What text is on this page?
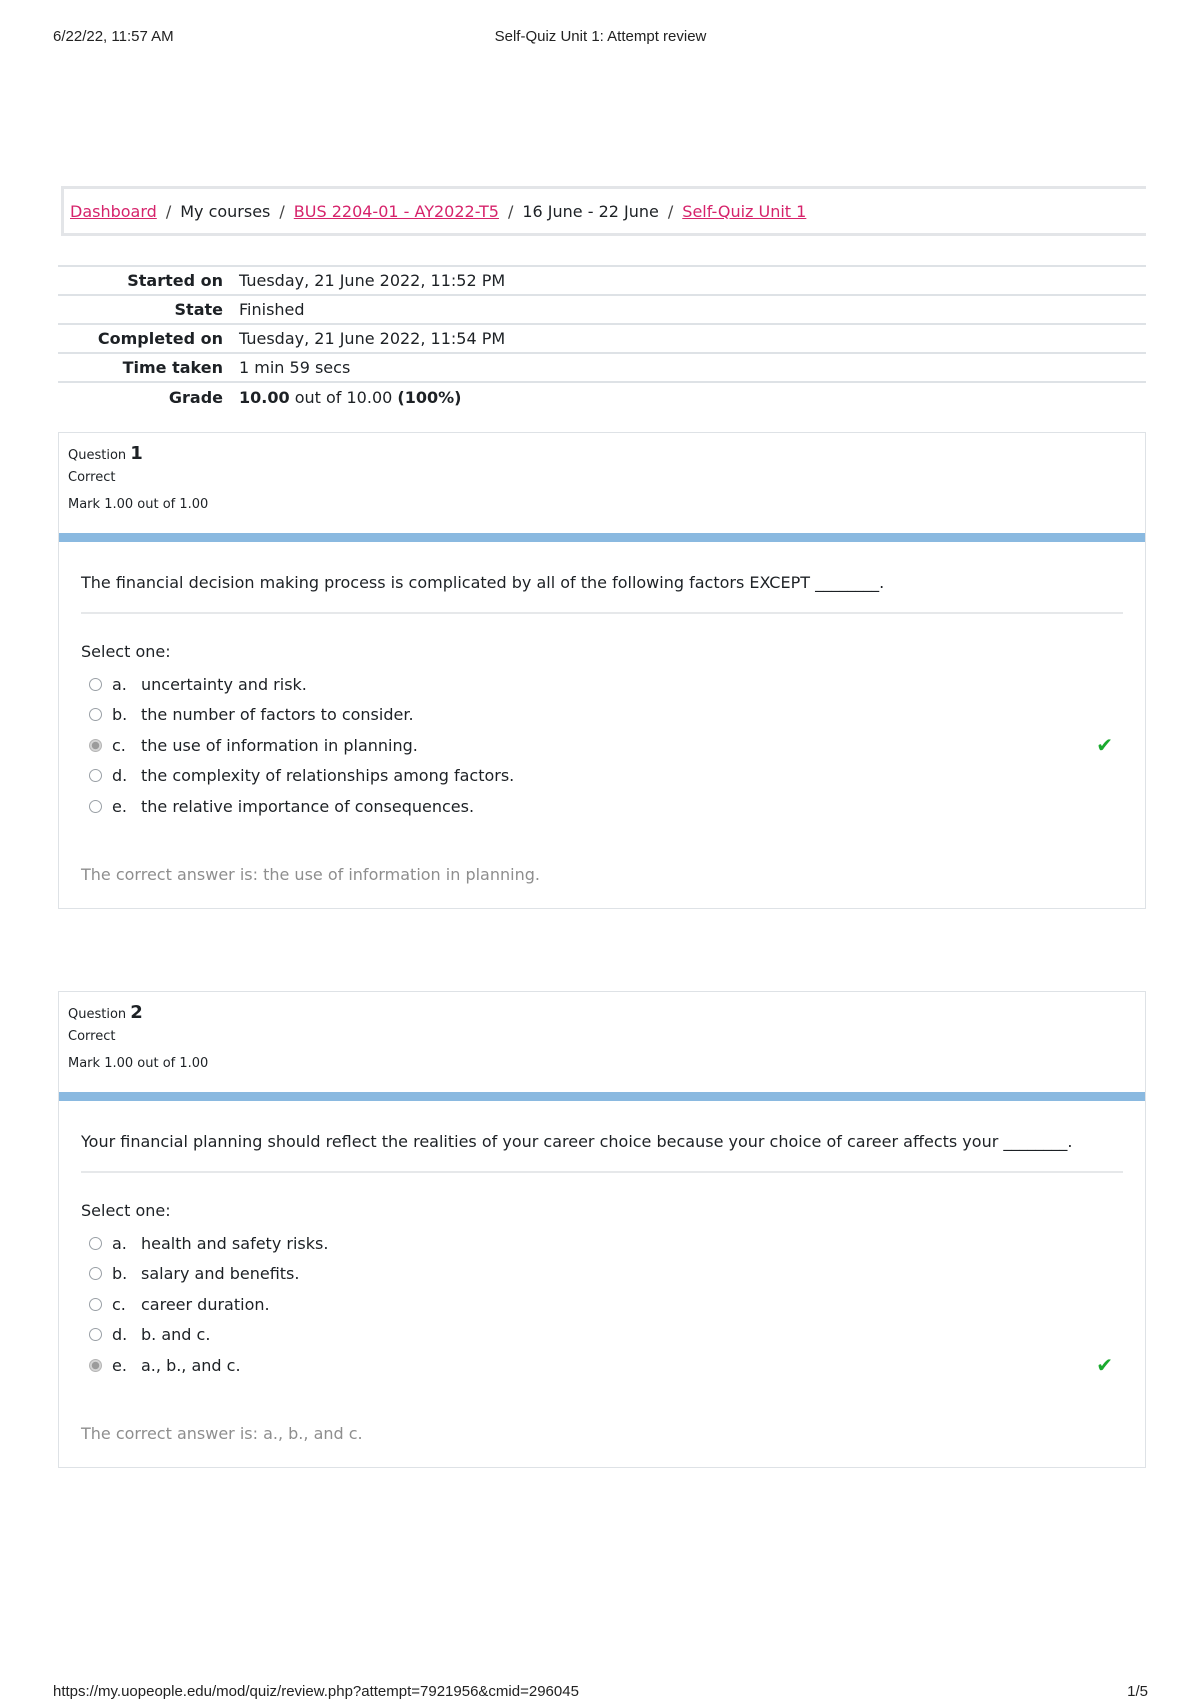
6/22/22, 11:57 AM	Self-Quiz Unit 1: Attempt review
Dashboard / My courses / BUS 2204-01 - AY2022-T5 / 16 June - 22 June / Self-Quiz Unit 1
Started on	Tuesday, 21 June 2022, 11:52 PM
State	Finished
Completed on	Tuesday, 21 June 2022, 11:54 PM
Time taken	1 min 59 secs
Grade	10.00 out of 10.00 (100%)
Question 1
Correct
Mark 1.00 out of 1.00
The financial decision making process is complicated by all of the following factors EXCEPT ________.
Select one:
a. uncertainty and risk.
b. the number of factors to consider.
c. the use of information in planning.	✔
d. the complexity of relationships among factors.
e. the relative importance of consequences.
The correct answer is: the use of information in planning.
Question 2
Correct
Mark 1.00 out of 1.00
Your financial planning should reflect the realities of your career choice because your choice of career affects your ________.
Select one:
a. health and safety risks.
b. salary and benefits.
c. career duration.
d. b. and c.
e. a., b., and c.	✔
The correct answer is: a., b., and c.
https://my.uopeople.edu/mod/quiz/review.php?attempt=7921956&cmid=296045	1/5
